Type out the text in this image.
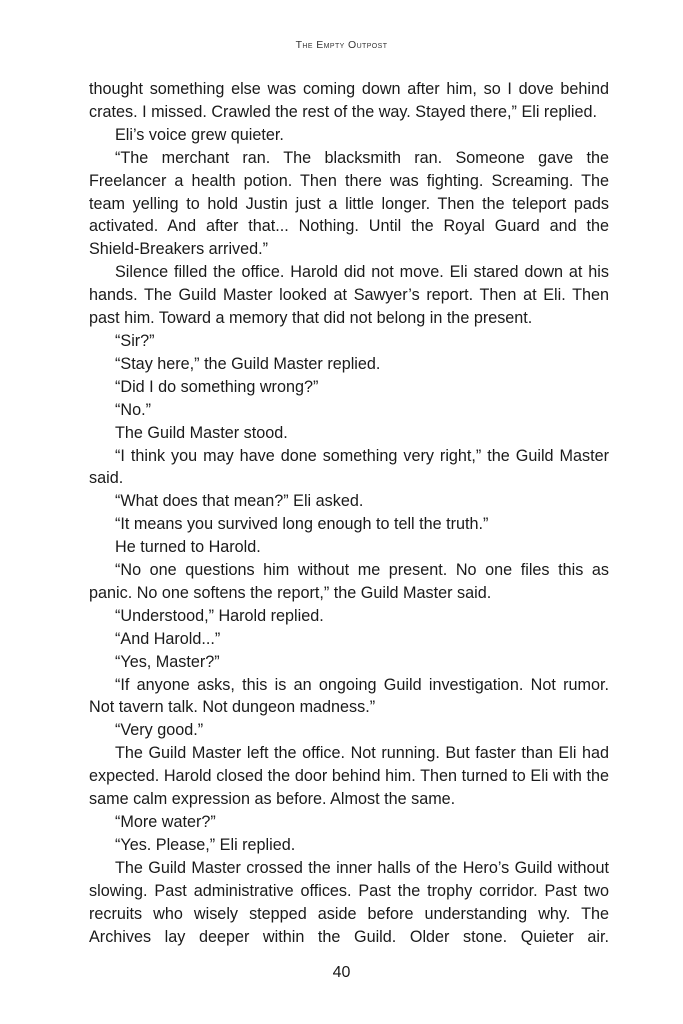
The Empty Outpost

thought something else was coming down after him, so I dove behind crates. I missed. Crawled the rest of the way. Stayed there,” Eli replied.

Eli’s voice grew quieter.

“The merchant ran. The blacksmith ran. Someone gave the Freelancer a health potion. Then there was fighting. Screaming. The team yelling to hold Justin just a little longer. Then the teleport pads activated. And after that... Nothing. Until the Royal Guard and the Shield-Breakers arrived.”

Silence filled the office. Harold did not move. Eli stared down at his hands. The Guild Master looked at Sawyer’s report. Then at Eli. Then past him. Toward a memory that did not belong in the present.

“Sir?”

“Stay here,” the Guild Master replied.

“Did I do something wrong?”

“No.”

The Guild Master stood.

“I think you may have done something very right,” the Guild Master said.

“What does that mean?” Eli asked.

“It means you survived long enough to tell the truth.”

He turned to Harold.

“No one questions him without me present. No one files this as panic. No one softens the report,” the Guild Master said.

“Understood,” Harold replied.

“And Harold...”

“Yes, Master?”

“If anyone asks, this is an ongoing Guild investigation. Not rumor. Not tavern talk. Not dungeon madness.”

“Very good.”

The Guild Master left the office. Not running. But faster than Eli had expected. Harold closed the door behind him. Then turned to Eli with the same calm expression as before. Almost the same.

“More water?”

“Yes. Please,” Eli replied.

The Guild Master crossed the inner halls of the Hero’s Guild without slowing. Past administrative offices. Past the trophy corridor. Past two recruits who wisely stepped aside before understanding why. The Archives lay deeper within the Guild. Older stone. Quieter air.

40
